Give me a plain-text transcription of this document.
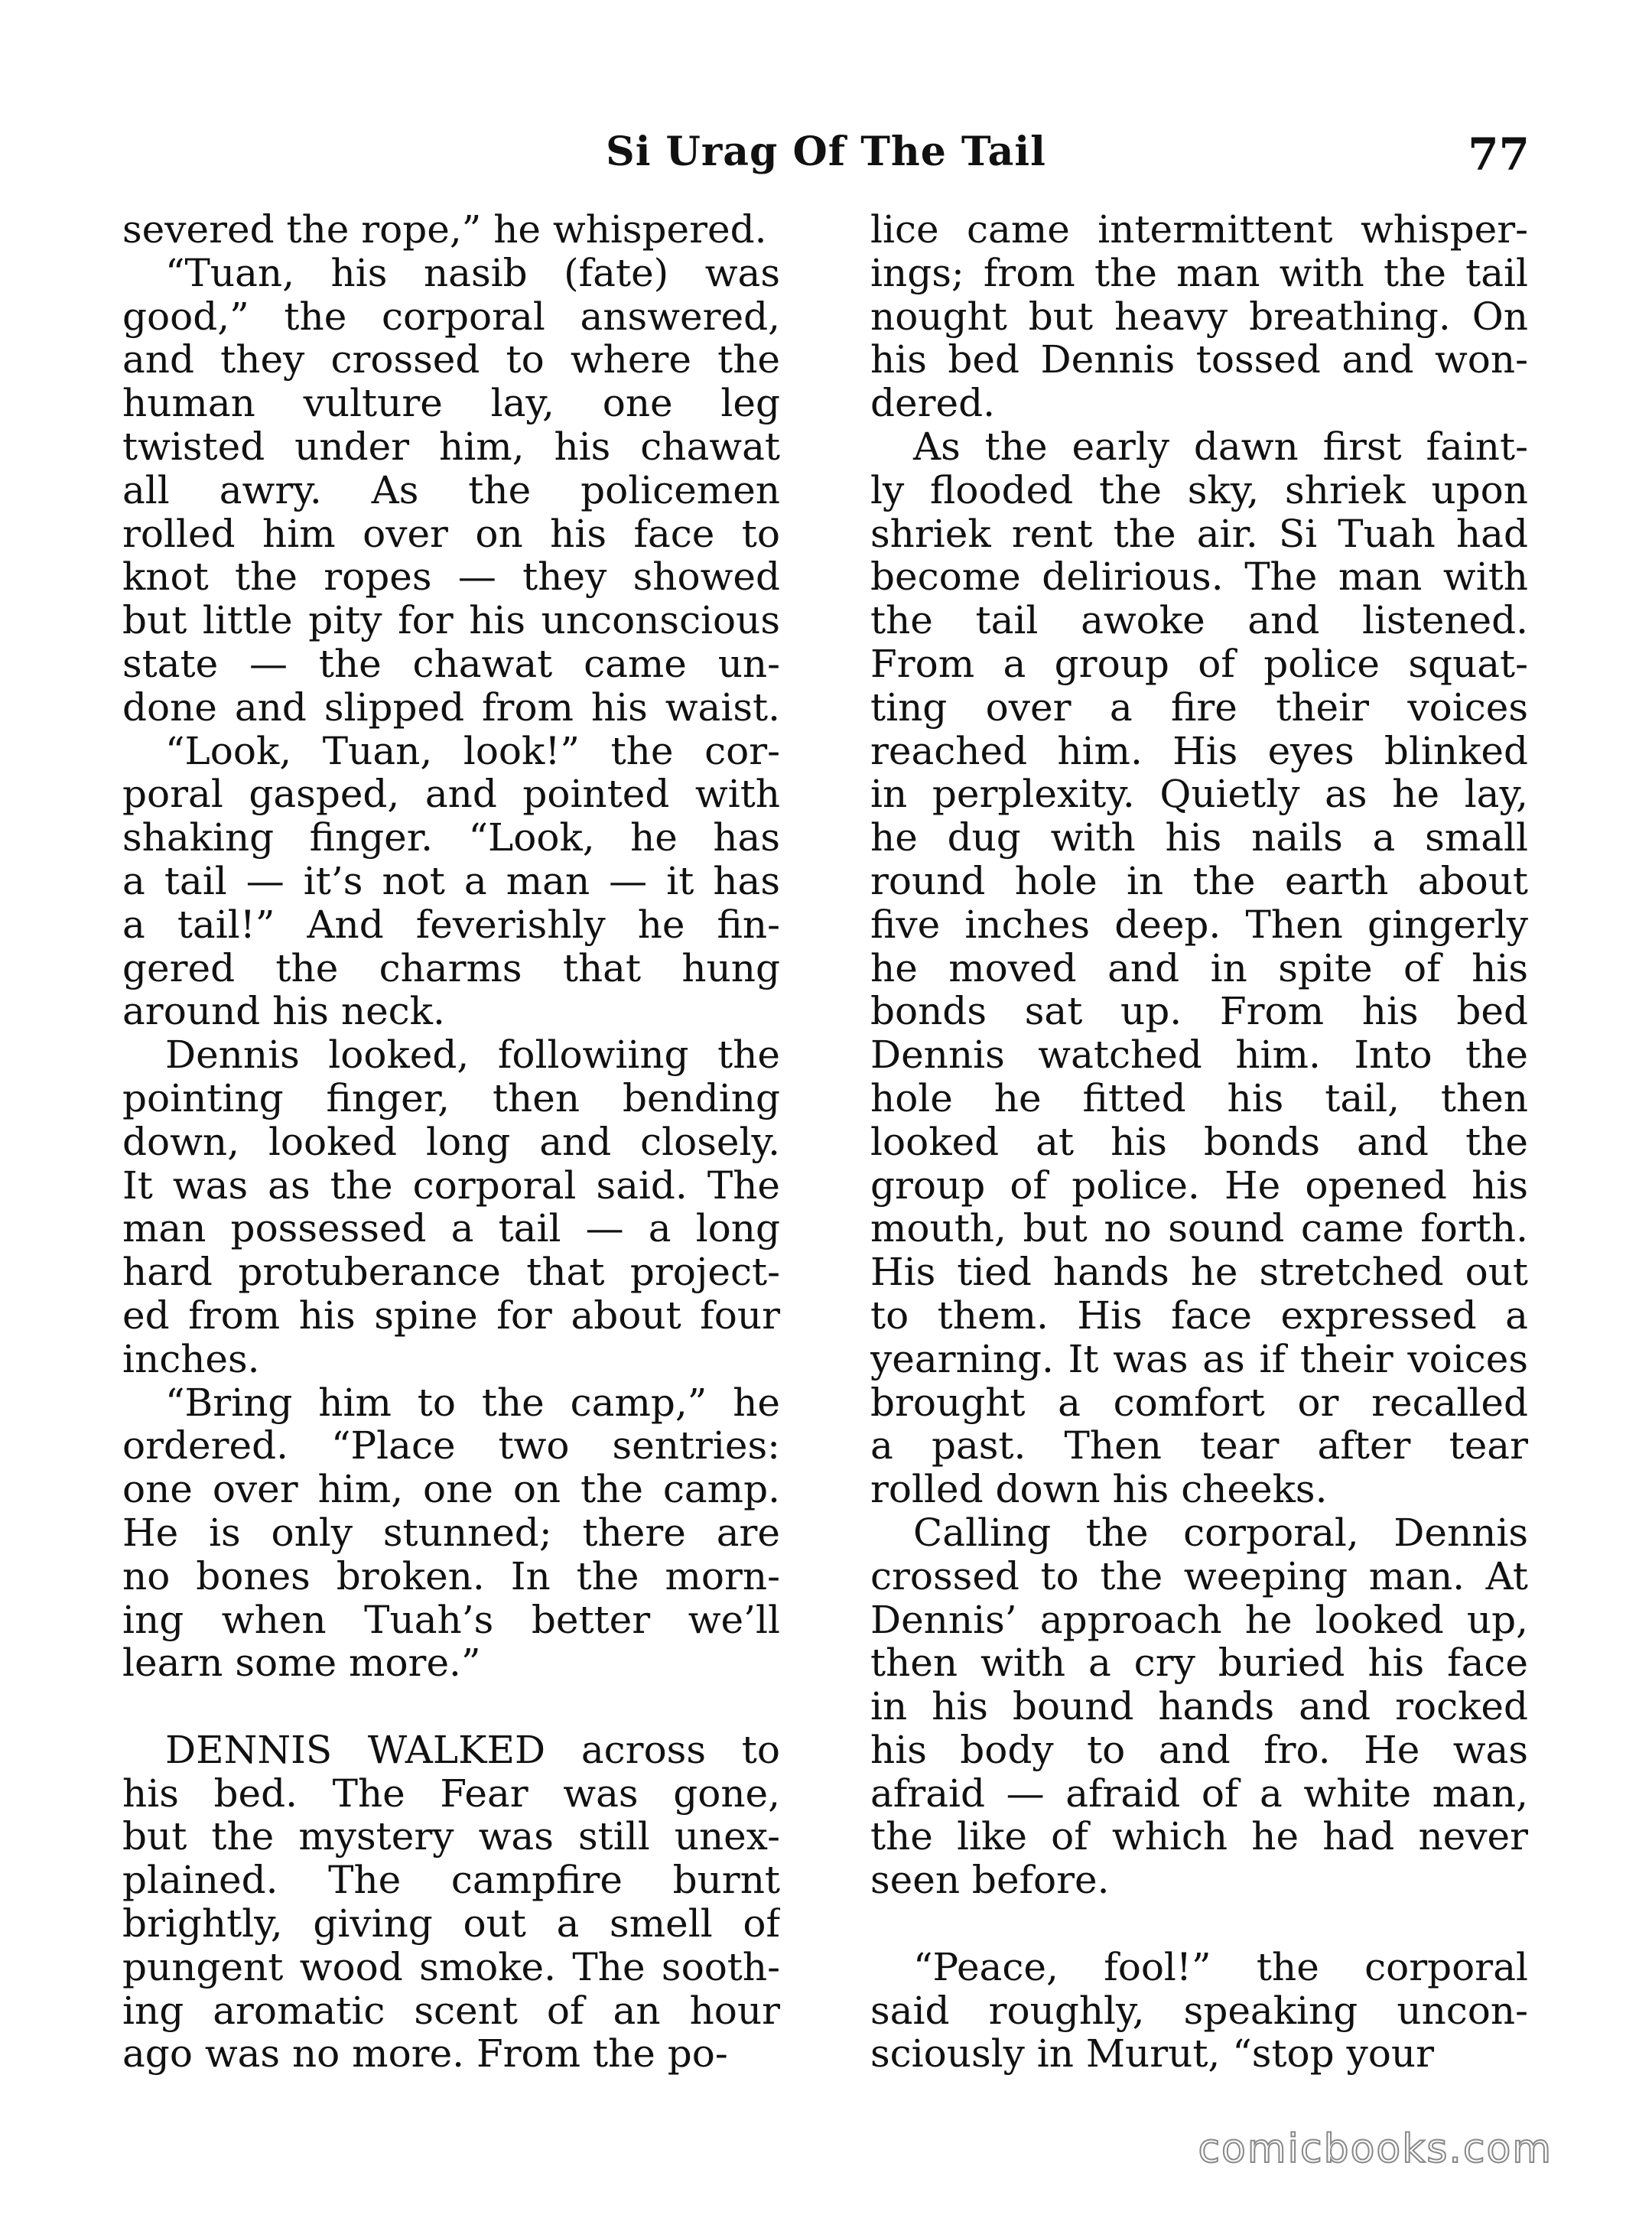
Si Urag Of The Tail	77
severed the rope,” he whispered.
“Tuan, his nasib (fate) was
good,” the corporal answered,
and they crossed to where the
human vulture lay, one leg
twisted under him, his chawat
all awry. As the policemen
rolled him over on his face to
knot the ropes — they showed
but little pity for his unconscious
state — the chawat came un-
done and slipped from his waist.
“Look, Tuan, look!” the cor-
poral gasped, and pointed with
shaking finger. “Look, he has
a tail — it’s not a man — it has
a tail!” And feverishly he fin-
gered the charms that hung
around his neck.
Dennis looked, followiing the
pointing finger, then bending
down, looked long and closely.
It was as the corporal said. The
man possessed a tail — a long
hard protuberance that project-
ed from his spine for about four
inches.
“Bring him to the camp,” he
ordered. “Place two sentries:
one over him, one on the camp.
He is only stunned; there are
no bones broken. In the morn-
ing when Tuah’s better we’ll
learn some more.”
DENNIS WALKED across to
his bed. The Fear was gone,
but the mystery was still unex-
plained. The campfire burnt
brightly, giving out a smell of
pungent wood smoke. The sooth-
ing aromatic scent of an hour
ago was no more. From the po-
lice came intermittent whisper-
ings; from the man with the tail
nought but heavy breathing. On
his bed Dennis tossed and won-
dered.
As the early dawn first faint-
ly flooded the sky, shriek upon
shriek rent the air. Si Tuah had
become delirious. The man with
the tail awoke and listened.
From a group of police squat-
ting over a fire their voices
reached him. His eyes blinked
in perplexity. Quietly as he lay,
he dug with his nails a small
round hole in the earth about
five inches deep. Then gingerly
he moved and in spite of his
bonds sat up. From his bed
Dennis watched him. Into the
hole he fitted his tail, then
looked at his bonds and the
group of police. He opened his
mouth, but no sound came forth.
His tied hands he stretched out
to them. His face expressed a
yearning. It was as if their voices
brought a comfort or recalled
a past. Then tear after tear
rolled down his cheeks.
Calling the corporal, Dennis
crossed to the weeping man. At
Dennis’ approach he looked up,
then with a cry buried his face
in his bound hands and rocked
his body to and fro. He was
afraid — afraid of a white man,
the like of which he had never
seen before.
“Peace, fool!” the corporal
said roughly, speaking uncon-
sciously in Murut, “stop your
comicbooks.com
